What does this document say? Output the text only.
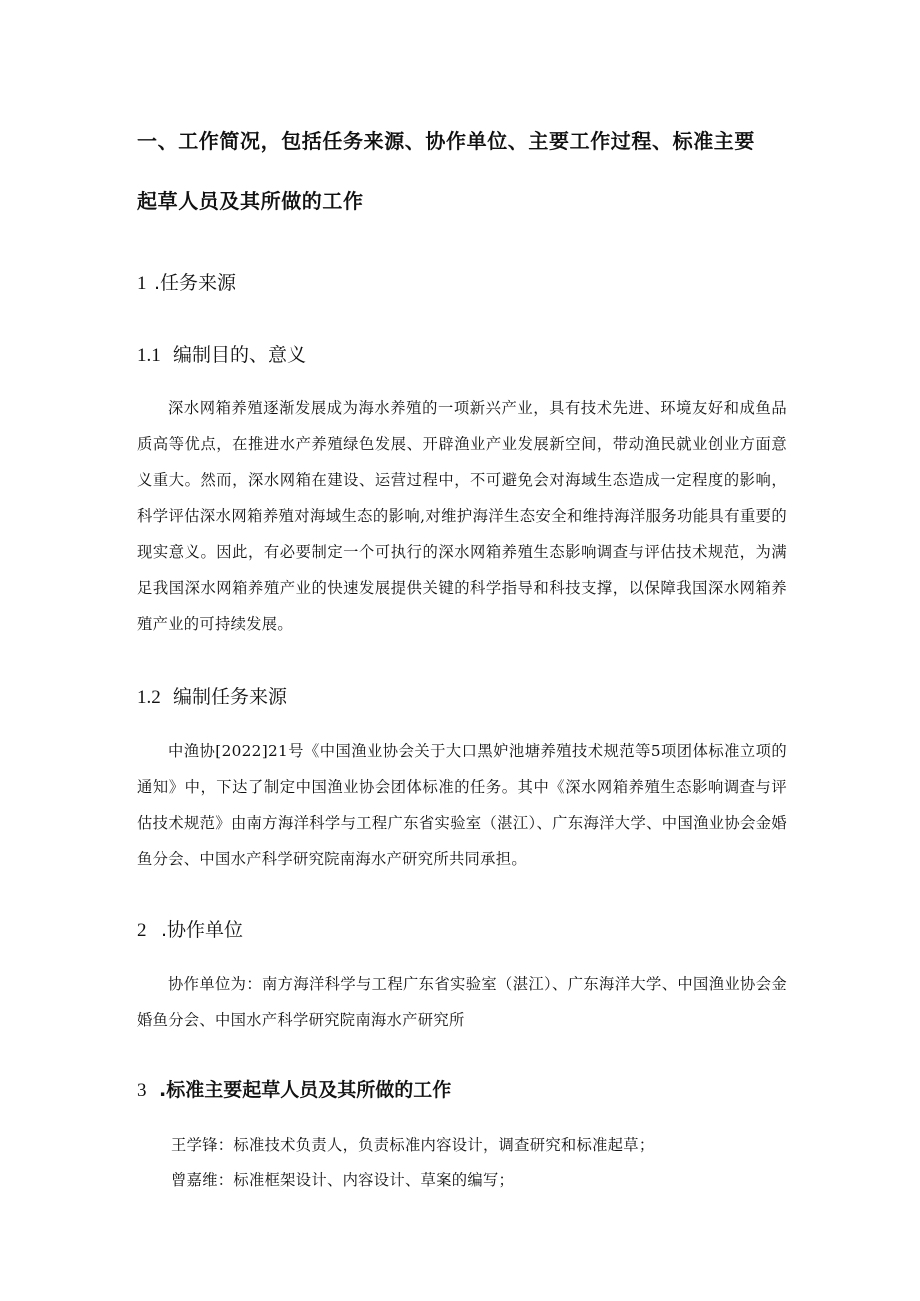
一、工作简况，包括任务来源、协作单位、主要工作过程、标准主要
起草人员及其所做的工作
1 .任务来源
1.1 编制目的、意义

深水网箱养殖逐渐发展成为海水养殖的一项新兴产业，具有技术先进、环境友好和成鱼品质高等优点，在推进水产养殖绿色发展、开辟渔业产业发展新空间，带动渔民就业创业方面意义重大。然而，深水网箱在建设、运营过程中，不可避免会对海域生态造成一定程度的影响，科学评估深水网箱养殖对海域生态的影响,对维护海洋生态安全和维持海洋服务功能具有重要的现实意义。因此，有必要制定一个可执行的深水网箱养殖生态影响调查与评估技术规范，为满足我国深水网箱养殖产业的快速发展提供关键的科学指导和科技支撑，以保障我国深水网箱养殖产业的可持续发展。

1.2 编制任务来源

中渔协[2022]21号《中国渔业协会关于大口黑妒池塘养殖技术规范等5项团体标准立项的通知》中，下达了制定中国渔业协会团体标准的任务。其中《深水网箱养殖生态影响调查与评估技术规范》由南方海洋科学与工程广东省实验室（湛江）、广东海洋大学、中国渔业协会金婚鱼分会、中国水产科学研究院南海水产研究所共同承担。

2 .协作单位

协作单位为：南方海洋科学与工程广东省实验室（湛江）、广东海洋大学、中国渔业协会金婚鱼分会、中国水产科学研究院南海水产研究所

3 .标准主要起草人员及其所做的工作
王学锋：标准技术负责人，负责标准内容设计，调查研究和标准起草；
曾嘉维：标准框架设计、内容设计、草案的编写；
